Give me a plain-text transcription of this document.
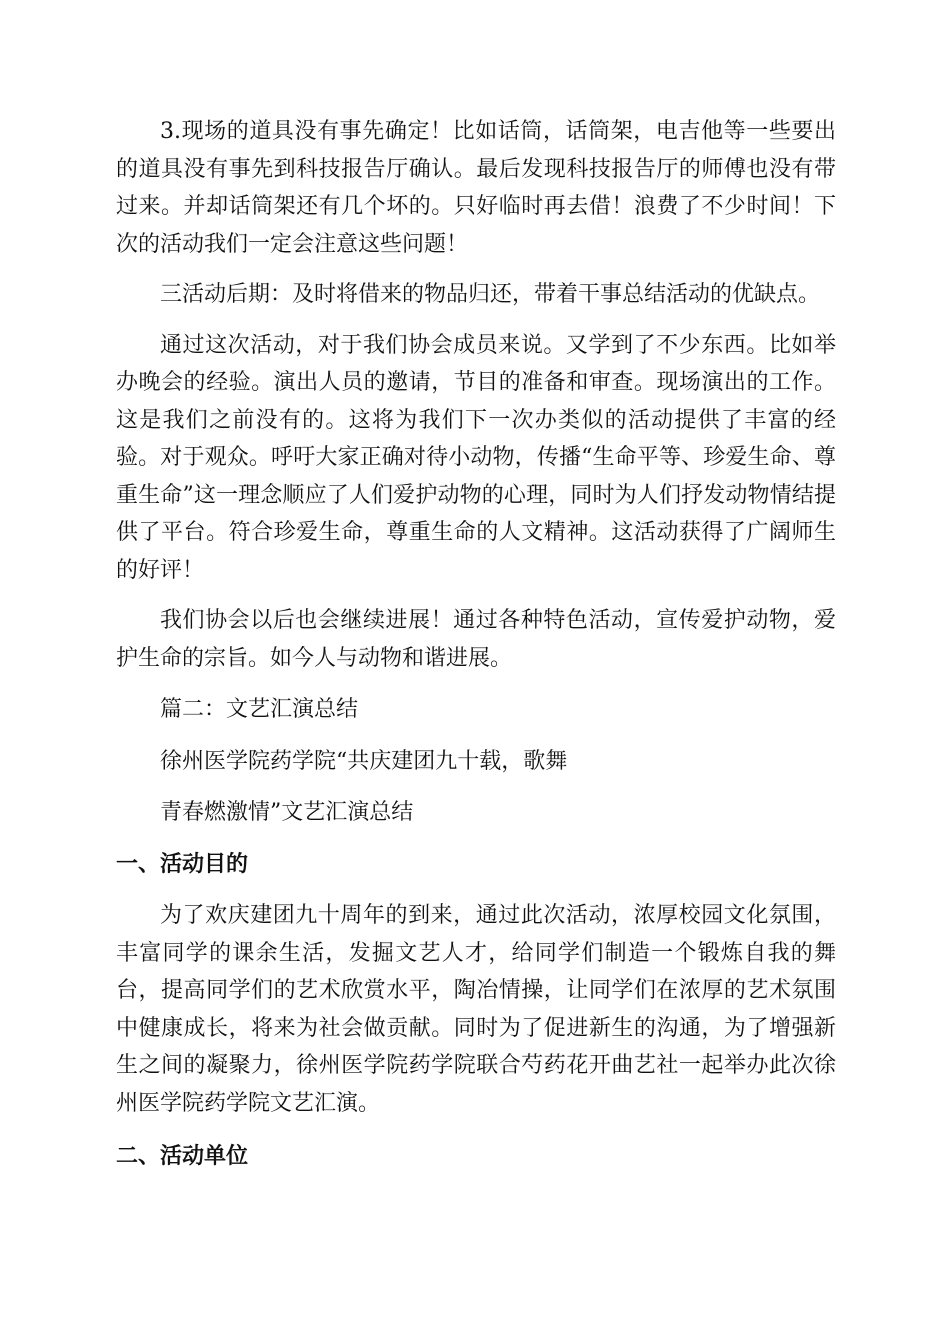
3.现场的道具没有事先确定！比如话筒，话筒架，电吉他等一些要出的道具没有事先到科技报告厅确认。最后发现科技报告厅的师傅也没有带过来。并却话筒架还有几个坏的。只好临时再去借！浪费了不少时间！下次的活动我们一定会注意这些问题！

三活动后期：及时将借来的物品归还，带着干事总结活动的优缺点。

通过这次活动，对于我们协会成员来说。又学到了不少东西。比如举办晚会的经验。演出人员的邀请，节目的准备和审查。现场演出的工作。这是我们之前没有的。这将为我们下一次办类似的活动提供了丰富的经验。对于观众。呼吁大家正确对待小动物，传播“生命平等、珍爱生命、尊重生命”这一理念顺应了人们爱护动物的心理，同时为人们抒发动物情结提供了平台。符合珍爱生命，尊重生命的人文精神。这活动获得了广阔师生的好评！

我们协会以后也会继续进展！通过各种特色活动，宣传爱护动物，爱护生命的宗旨。如今人与动物和谐进展。

篇二：文艺汇演总结

徐州医学院药学院“共庆建团九十载，歌舞

青春燃激情”文艺汇演总结

一、活动目的

为了欢庆建团九十周年的到来，通过此次活动，浓厚校园文化氛围，丰富同学的课余生活，发掘文艺人才，给同学们制造一个锻炼自我的舞台，提高同学们的艺术欣赏水平，陶冶情操，让同学们在浓厚的艺术氛围中健康成长，将来为社会做贡献。同时为了促进新生的沟通，为了增强新生之间的凝聚力，徐州医学院药学院联合芍药花开曲艺社一起举办此次徐州医学院药学院文艺汇演。

二、活动单位
